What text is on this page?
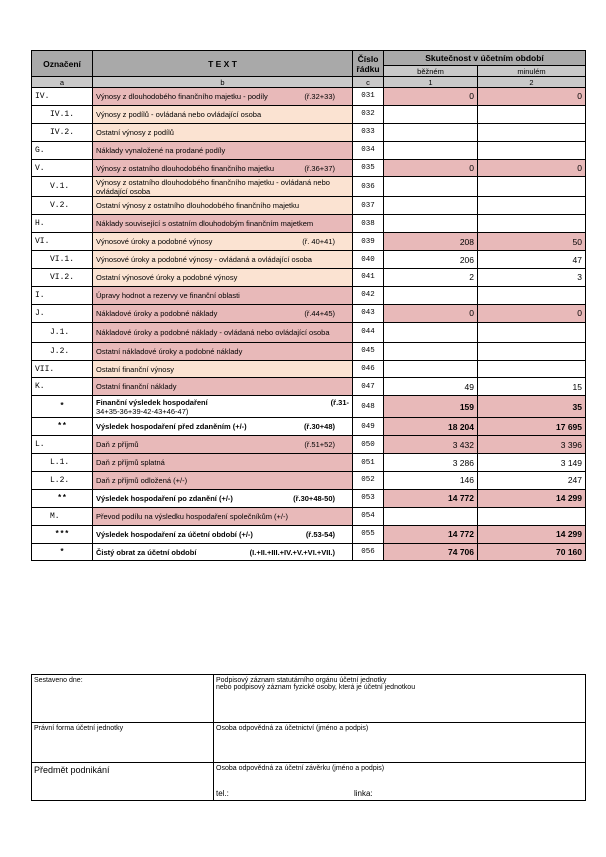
Označení	T E X T	Číslo
řádku	Skutečnost v účetním období	
			běžném	minulém
a	b	c	1	2
IV.	Výnosy z dlouhodobého finančního majetku - podíly (ř.32+33)	031	0	0
IV.1.	Výnosy z podílů - ovládaná nebo ovládající osoba	032		
IV.2.	Ostatní výnosy z podílů	033		
G.	Náklady vynaložené na prodané podíly	034		
V.	Výnosy z ostatního dlouhodobého finančního majetku (ř.36+37)	035	0	0
V.1.	Výnosy z ostatního dlouhodobého finančního majetku - ovládaná nebo ovládající osoba	036		
V.2.	Ostatní výnosy z ostatního dlouhodobého finančního majetku	037		
H.	Náklady související s ostatním dlouhodobým finančním majetkem	038		
VI.	Výnosové úroky a podobné výnosy (ř. 40+41)	039	208	50
VI.1.	Výnosové úroky a podobné výnosy - ovládaná a ovládající osoba	040	206	47
VI.2.	Ostatní výnosové úroky a podobné výnosy	041	2	3
I.	Úpravy hodnot a rezervy ve finanční oblasti	042		
J.	Nákladové úroky a podobné náklady (ř.44+45)	043	0	0
J.1.	Nákladové úroky a podobné náklady - ovládaná nebo ovládající osoba	044		
J.2.	Ostatní nákladové úroky a podobné náklady	045		
VII.	Ostatní finanční výnosy	046		
K.	Ostatní finanční náklady	047	49	15
*	Finanční výsledek hospodaření (ř.31-
34+35-36+39-42-43+46-47)	048	159	35
**	Výsledek hospodaření před zdaněním (+/-) (ř.30+48)	049	18 204	17 695
L.	Daň z příjmů (ř.51+52)	050	3 432	3 396
L.1.	Daň z příjmů splatná	051	3 286	3 149
L.2.	Daň z příjmů odložená (+/-)	052	146	247
**	Výsledek hospodaření po zdanění (+/-) (ř.30+48-50)	053	14 772	14 299
M.	Převod podílu na výsledku hospodaření společníkům (+/-)	054		
***	Výsledek hospodaření za účetní období (+/-) (ř.53-54)	055	14 772	14 299
*	Čistý obrat za účetní období (I.+II.+III.+IV.+V.+VI.+VII.)	056	74 706	70 160
Sestaveno dne:	Podpisový záznam statutárního orgánu účetní jednotky
nebo podpisový záznam fyzické osoby, která je účetní jednotkou
Právní forma účetní jednotky	Osoba odpovědná za účetnictví (jméno a podpis)
Předmět podnikání	Osoba odpovědná za účetní závěrku (jméno a podpis)
tel.: linka:
